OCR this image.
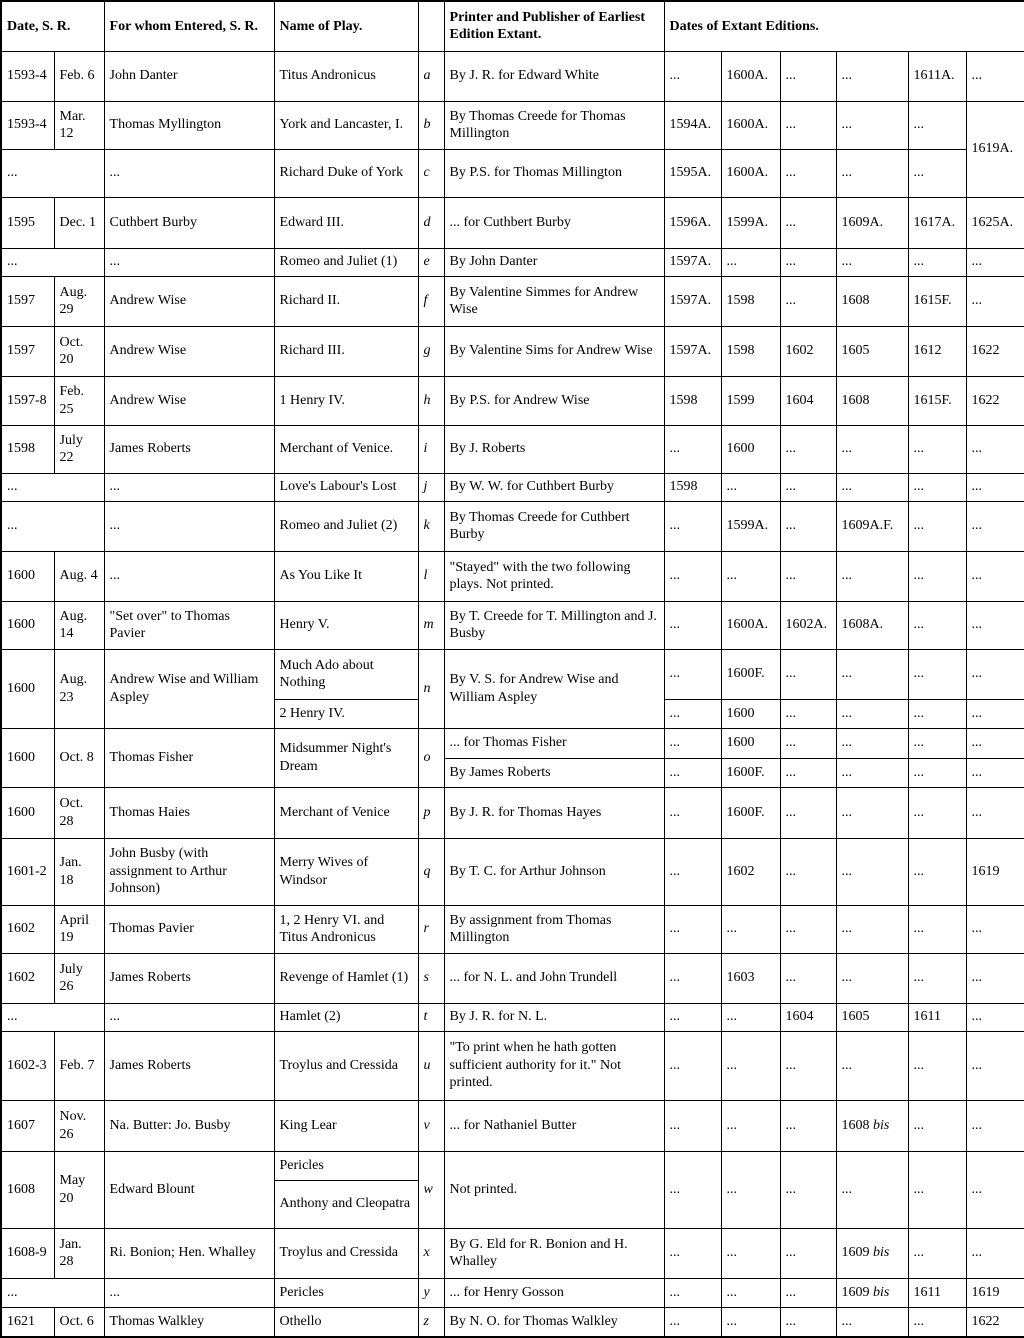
Date, S. R.		For whom Entered, S. R.	Name of Play.		Printer and Publisher of Earliest Edition Extant.	Dates of Extant Editions.					
1593-4	Feb. 6	John Danter	Titus Andronicus	a	By J. R. for Edward White	...	1600A.	...	...	1611A.	...
1593-4	Mar. 12	Thomas Myllington	York and Lancaster, I.	b	By Thomas Creede for Thomas Millington	1594A.	1600A.	...	...	...	1619A.
...		...	Richard Duke of York	c	By P.S. for Thomas Millington	1595A.	1600A.	...	...	...	
1595	Dec. 1	Cuthbert Burby	Edward III.	d	... for Cuthbert Burby	1596A.	1599A.	...	1609A.	1617A.	1625A.
...		...	Romeo and Juliet (1)	e	By John Danter	1597A.	...	...	...	...	...
1597	Aug. 29	Andrew Wise	Richard II.	f	By Valentine Simmes for Andrew Wise	1597A.	1598	...	1608	1615F.	...
1597	Oct. 20	Andrew Wise	Richard III.	g	By Valentine Sims for Andrew Wise	1597A.	1598	1602	1605	1612	1622
1597-8	Feb. 25	Andrew Wise	1 Henry IV.	h	By P.S. for Andrew Wise	1598	1599	1604	1608	1615F.	1622
1598	July 22	James Roberts	Merchant of Venice.	i	By J. Roberts	...	1600	...	...	...	...
...		...	Love's Labour's Lost	j	By W. W. for Cuthbert Burby	1598	...	...	...	...	...
...		...	Romeo and Juliet (2)	k	By Thomas Creede for Cuthbert Burby	...	1599A.	...	1609A.F.	...	...
1600	Aug. 4	...	As You Like It	l	"Stayed" with the two following plays. Not printed.	...	...	...	...	...	...
1600	Aug. 14	"Set over" to Thomas Pavier	Henry V.	m	By T. Creede for T. Millington and J. Busby	...	1600A.	1602A.	1608A.	...	...
1600	Aug. 23	Andrew Wise and William Aspley	Much Ado about Nothing	n	By V. S. for Andrew Wise and William Aspley	...	1600F.	...	...	...	...
			2 Henry IV.			...	1600	...	...	...	...
1600	Oct. 8	Thomas Fisher	Midsummer Night's Dream	o	... for Thomas Fisher	...	1600	...	...	...	...
					By James Roberts	...	1600F.	...	...	...	...
1600	Oct. 28	Thomas Haies	Merchant of Venice	p	By J. R. for Thomas Hayes	...	1600F.	...	...	...	...
1601-2	Jan. 18	John Busby (with assignment to Arthur Johnson)	Merry Wives of Windsor	q	By T. C. for Arthur Johnson	...	1602	...	...	...	1619
1602	April 19	Thomas Pavier	1, 2 Henry VI. and Titus Andronicus	r	By assignment from Thomas Millington	...	...	...	...	...	...
1602	July 26	James Roberts	Revenge of Hamlet (1)	s	... for N. L. and John Trundell	...	1603	...	...	...	...
...		...	Hamlet (2)	t	By J. R. for N. L.	...	...	1604	1605	1611	...
1602-3	Feb. 7	James Roberts	Troylus and Cressida	u	"To print when he hath gotten sufficient authority for it." Not printed.	...	...	...	...	...	...
1607	Nov. 26	Na. Butter: Jo. Busby	King Lear	v	... for Nathaniel Butter	...	...	...	1608 bis	...	...
1608	May 20	Edward Blount	Pericles	w	Not printed.	...	...	...	...	...	...
			Anthony and Cleopatra								
1608-9	Jan. 28	Ri. Bonion; Hen. Whalley	Troylus and Cressida	x	By G. Eld for R. Bonion and H. Whalley	...	...	...	1609 bis	...	...
...		...	Pericles	y	... for Henry Gosson	...	...	...	1609 bis	1611	1619
1621	Oct. 6	Thomas Walkley	Othello	z	By N. O. for Thomas Walkley	...	...	...	...	...	1622
